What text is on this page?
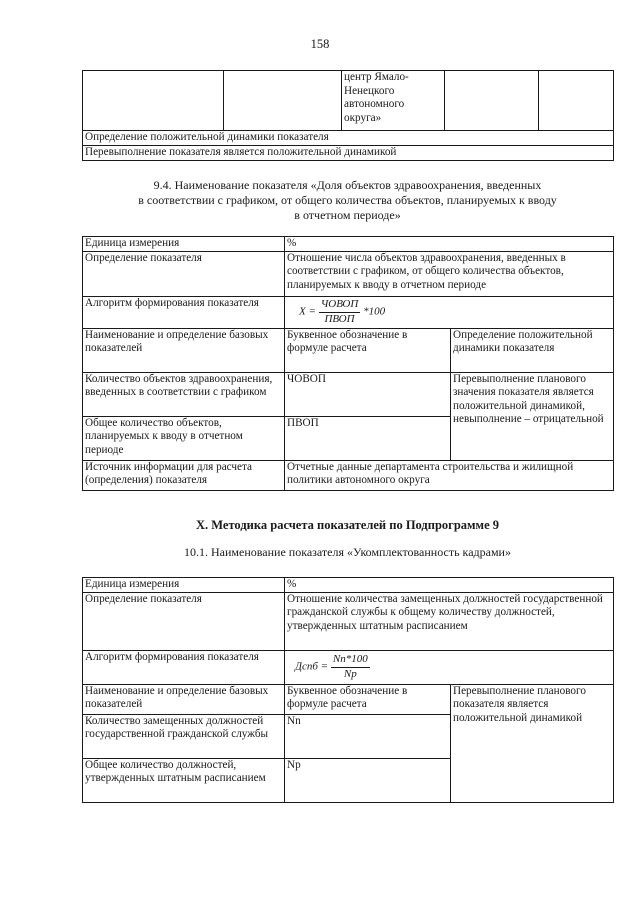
158
		центр Ямало-Ненецкого автономного округа»		
Определение положительной динамики показателя
Перевыполнение показателя является положительной динамикой
9.4. Наименование показателя «Доля объектов здравоохранения, введенных
в соответствии с графиком, от общего количества объектов, планируемых к вводу
в отчетном периоде»
Единица измерения	%	
Определение показателя	Отношение числа объектов здравоохранения, введенных в соответствии с графиком, от общего количества объектов, планируемых к вводу в отчетном периоде	
Алгоритм формирования показателя	$X = \frac{\text{ЧОВОП}}{\text{ПВОП}} *100$	
Наименование и определение базовых показателей	Буквенное обозначение в формуле расчета	Определение положительной динамики показателя
Количество объектов здравоохранения, введенных в соответствии с графиком	ЧОВОП	Перевыполнение планового значения показателя является положительной динамикой, невыполнение – отрицательной
Общее количество объектов, планируемых к вводу в отчетном периоде	ПВОП	
Источник информации для расчета (определения) показателя	Отчетные данные департамента строительства и жилищной политики автономного округа	
X. Методика расчета показателей по Подпрограмме 9
10.1. Наименование показателя «Укомплектованность кадрами»
Единица измерения	%	
Определение показателя	Отношение количества замещенных должностей государственной гражданской службы к общему количеству должностей, утвержденных штатным расписанием	
Алгоритм формирования показателя	Дсnб = $\frac{Nn*100}{Np}$

Наименование и определение базовых показателей	Буквенное обозначение в формуле расчета	Перевыполнение планового показателя является положительной динамикой
Количество замещенных должностей государственной гражданской службы	Nn	
Общее количество должностей, утвержденных штатным расписанием	Np	
